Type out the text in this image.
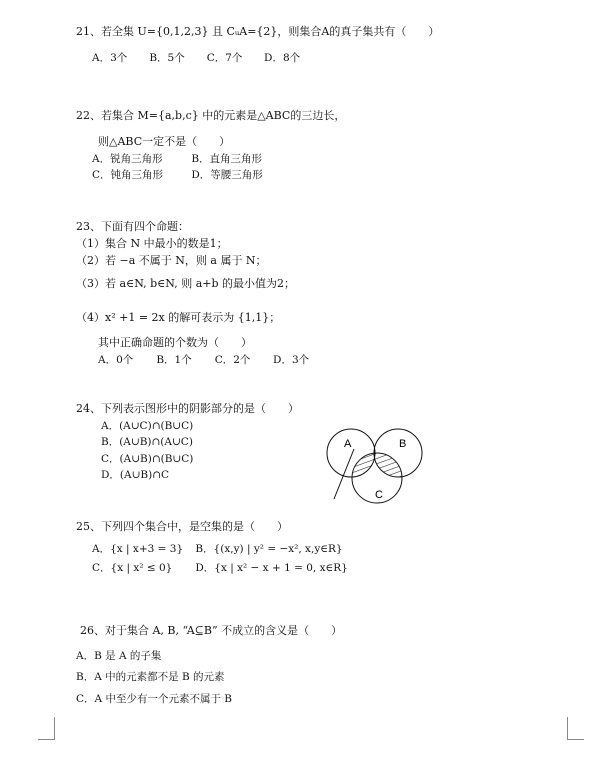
21、若全集 U={0,1,2,3} 且 CᵤA={2}，则集合A的真子集共有（　　）
A．3个 B．5个 C．7个 D．8个
22、若集合 M={a,b,c} 中的元素是△ABC的三边长，
则△ABC一定不是（　　）
A．锐角三角形	B．直角三角形
C．钝角三角形	D．等腰三角形
23、下面有四个命题：
（1）集合 N 中最小的数是1；
（2）若 −a 不属于 N，则 a 属于 N；
（3）若 a∈N, b∈N, 则 a+b 的最小值为2；
（4）x² +1 = 2x 的解可表示为 {1,1}；
其中正确命题的个数为（　　）
A．0个 B．1个 C．2个 D．3个
24、下列表示图形中的阴影部分的是（　　）
A．(A∪C)∩(B∪C)
B．(A∪B)∩(A∪C)
C．(A∪B)∩(B∪C)
D．(A∪B)∩C
A	B
C
25、下列四个集合中，是空集的是（　　）
A．{x | x+3 = 3} B．{(x,y) | y² = −x², x,y∈R}
C．{x | x² ≤ 0} D．{x | x² − x + 1 = 0, x∈R}
26、对于集合 A, B, “A⊆B” 不成立的含义是（　　）
A．B 是 A 的子集
B．A 中的元素都不是 B 的元素
C．A 中至少有一个元素不属于 B
